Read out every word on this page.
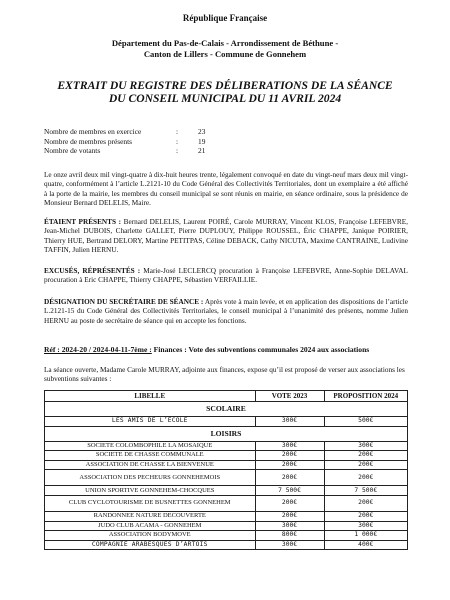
République Française
Département du Pas-de-Calais - Arrondissement de Béthune -
Canton de Lillers - Commune de Gonnehem
EXTRAIT DU REGISTRE DES DÉLIBERATIONS DE LA SÉANCE
DU CONSEIL MUNICIPAL DU 11 AVRIL 2024
Nombre de membres en exercice	:	23
Nombre de membres présents	:	19
Nombre de votants	:	21
Le onze avril deux mil vingt-quatre à dix-huit heures trente, légalement convoqué en date du vingt-neuf mars deux mil vingt-quatre, conformément à l’article L.2121-10 du Code Général des Collectivités Territoriales, dont un exemplaire a été affiché à la porte de la mairie, les membres du conseil municipal se sont réunis en mairie, en séance ordinaire, sous la présidence de Monsieur Bernard DELELIS, Maire.
ÉTAIENT PRÉSENTS : Bernard DELELIS, Laurent POIRÉ, Carole MURRAY, Vincent KLOS, Françoise LEFEBVRE, Jean-Michel DUBOIS, Charlette GALLET, Pierre DUPLOUY, Philippe ROUSSEL, Éric CHAPPE, Janique POIRIER, Thierry HUE, Bertrand DELORY, Martine PETITPAS, Céline DEBACK, Cathy NICUTA, Maxime CANTRAINE, Ludivine TAFFIN, Julien HERNU.
EXCUSÉS, RÉPRÉSENTÉS : Marie-José LECLERCQ procuration à Françoise LEFEBVRE, Anne-Sophie DELAVAL procuration à Eric CHAPPE, Thierry CHAPPE, Sébastien VERFAILLIE.
DÉSIGNATION DU SECRÉTAIRE DE SÉANCE : Après vote à main levée, et en application des dispositions de l’article L.2121-15 du Code Général des Collectivités Territoriales, le conseil municipal à l’unanimité des présents, nomme Julien HERNU au poste de secrétaire de séance qui en accepte les fonctions.
Réf : 2024-20 / 2024-04-11-7ème : Finances : Vote des subventions communales 2024 aux associations
La séance ouverte, Madame Carole MURRAY, adjointe aux finances, expose qu’il est proposé de verser aux associations les subventions suivantes :
LIBELLE	VOTE 2023	PROPOSITION 2024
SCOLAIRE		
LES AMIS DE L’ECOLE	300€	500€
LOISIRS		
SOCIETE COLOMBOPHILE LA MOSAIQUE	300€	300€
SOCIETE DE CHASSE COMMUNALE	200€	200€
ASSOCIATION DE CHASSE LA BIENVENUE	200€	200€
ASSOCIATION DES PECHEURS GONNEHEMOIS	200€	200€
UNION SPORTIVE GONNEHEM-CHOCQUES	7 500€	7 500€
CLUB CYCLOTOURISME DE BUSNETTES GONNEHEM	200€	200€
RANDONNEE NATURE DECOUVERTE	200€	200€
JUDO CLUB ACAMA - GONNEHEM	300€	300€
ASSOCIATION BODYMOVE	800€	1 000€
COMPAGNIE ARABESQUES D’ARTOIS	300€	400€
